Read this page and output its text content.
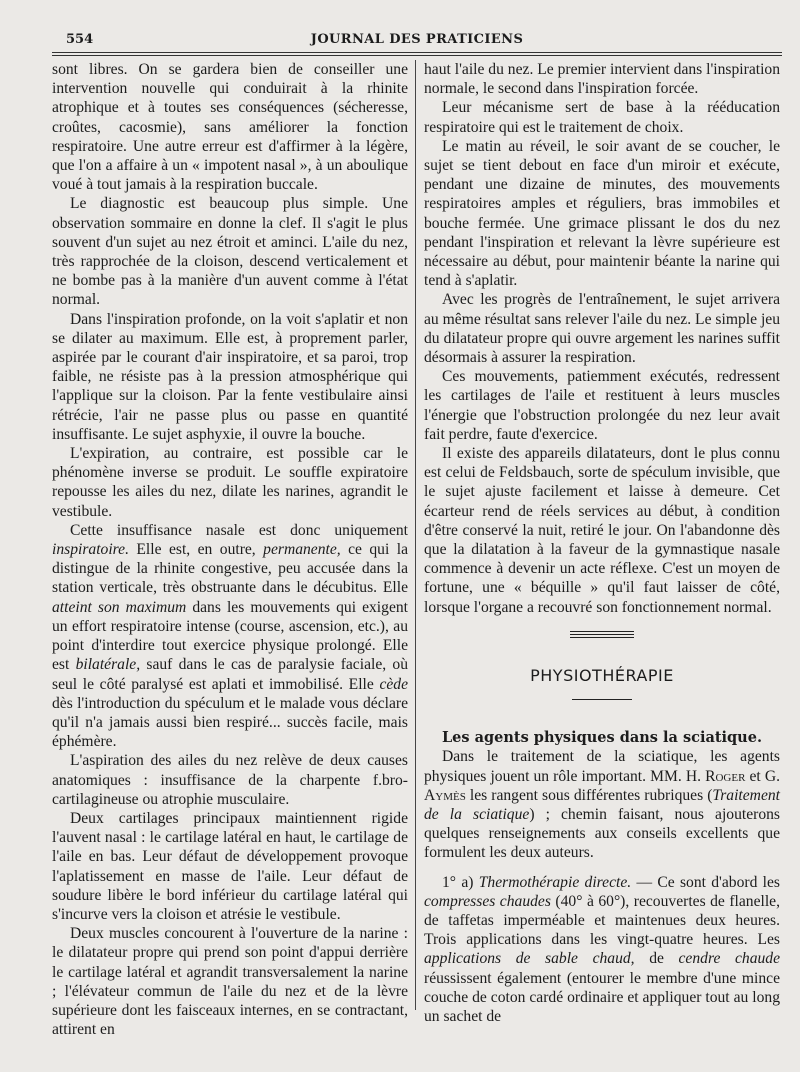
554	JOURNAL DES PRATICIENS

sont libres. On se gardera bien de conseiller une intervention nouvelle qui conduirait à la rhinite atrophique et à toutes ses conséquences (sécheresse, croûtes, cacosmie), sans améliorer la fonction respiratoire. Une autre erreur est d'affirmer à la légère, que l'on a affaire à un « impotent nasal », à un aboulique voué à tout jamais à la respiration buccale.

Le diagnostic est beaucoup plus simple. Une observation sommaire en donne la clef. Il s'agit le plus souvent d'un sujet au nez étroit et aminci. L'aile du nez, très rapprochée de la cloison, descend verticalement et ne bombe pas à la manière d'un auvent comme à l'état normal.

Dans l'inspiration profonde, on la voit s'aplatir et non se dilater au maximum. Elle est, à proprement parler, aspirée par le courant d'air inspiratoire, et sa paroi, trop faible, ne résiste pas à la pression atmosphérique qui l'applique sur la cloison. Par la fente vestibulaire ainsi rétrécie, l'air ne passe plus ou passe en quantité insuffisante. Le sujet asphyxie, il ouvre la bouche.

L'expiration, au contraire, est possible car le phénomène inverse se produit. Le souffle expiratoire repousse les ailes du nez, dilate les narines, agrandit le vestibule.

Cette insuffisance nasale est donc uniquement inspiratoire. Elle est, en outre, permanente, ce qui la distingue de la rhinite congestive, peu accusée dans la station verticale, très obstruante dans le décubitus. Elle atteint son maximum dans les mouvements qui exigent un effort respiratoire intense (course, ascension, etc.), au point d'interdire tout exercice physique prolongé. Elle est bilatérale, sauf dans le cas de paralysie faciale, où seul le côté paralysé est aplati et immobilisé. Elle cède dès l'introduction du spéculum et le malade vous déclare qu'il n'a jamais aussi bien respiré... succès facile, mais éphémère.

L'aspiration des ailes du nez relève de deux causes anatomiques : insuffisance de la charpente f.bro-cartilagineuse ou atrophie musculaire.

Deux cartilages principaux maintiennent rigide l'auvent nasal : le cartilage latéral en haut, le cartilage de l'aile en bas. Leur défaut de développement provoque l'aplatissement en masse de l'aile. Leur défaut de soudure libère le bord inférieur du cartilage latéral qui s'incurve vers la cloison et atrésie le vestibule.

Deux muscles concourent à l'ouverture de la narine : le dilatateur propre qui prend son point d'appui derrière le cartilage latéral et agrandit transversalement la narine ; l'élévateur commun de l'aile du nez et de la lèvre supérieure dont les faisceaux internes, en se contractant, attirent en

haut l'aile du nez. Le premier intervient dans l'inspiration normale, le second dans l'inspiration forcée.

Leur mécanisme sert de base à la rééducation respiratoire qui est le traitement de choix.

Le matin au réveil, le soir avant de se coucher, le sujet se tient debout en face d'un miroir et exécute, pendant une dizaine de minutes, des mouvements respiratoires amples et réguliers, bras immobiles et bouche fermée. Une grimace plissant le dos du nez pendant l'inspiration et relevant la lèvre supérieure est nécessaire au début, pour maintenir béante la narine qui tend à s'aplatir.

Avec les progrès de l'entraînement, le sujet arrivera au même résultat sans relever l'aile du nez. Le simple jeu du dilatateur propre qui ouvre argement les narines suffit désormais à assurer la respiration.

Ces mouvements, patiemment exécutés, redressent les cartilages de l'aile et restituent à leurs muscles l'énergie que l'obstruction prolongée du nez leur avait fait perdre, faute d'exercice.

Il existe des appareils dilatateurs, dont le plus connu est celui de Feldsbauch, sorte de spéculum invisible, que le sujet ajuste facilement et laisse à demeure. Cet écarteur rend de réels services au début, à condition d'être conservé la nuit, retiré le jour. On l'abandonne dès que la dilatation à la faveur de la gymnastique nasale commence à devenir un acte réflexe. C'est un moyen de fortune, une « béquille » qu'il faut laisser de côté, lorsque l'organe a recouvré son fonctionnement normal.

PHYSIOTHÉRAPIE

Les agents physiques dans la sciatique.

Dans le traitement de la sciatique, les agents physiques jouent un rôle important. MM. H. Roger et G. Aymès les rangent sous différentes rubriques (Traitement de la sciatique) ; chemin faisant, nous ajouterons quelques renseignements aux conseils excellents que formulent les deux auteurs.

1° a) Thermothérapie directe. — Ce sont d'abord les compresses chaudes (40° à 60°), recouvertes de flanelle, de taffetas imperméable et maintenues deux heures. Trois applications dans les vingt-quatre heures. Les applications de sable chaud, de cendre chaude réussissent également (entourer le membre d'une mince couche de coton cardé ordinaire et appliquer tout au long un sachet de
